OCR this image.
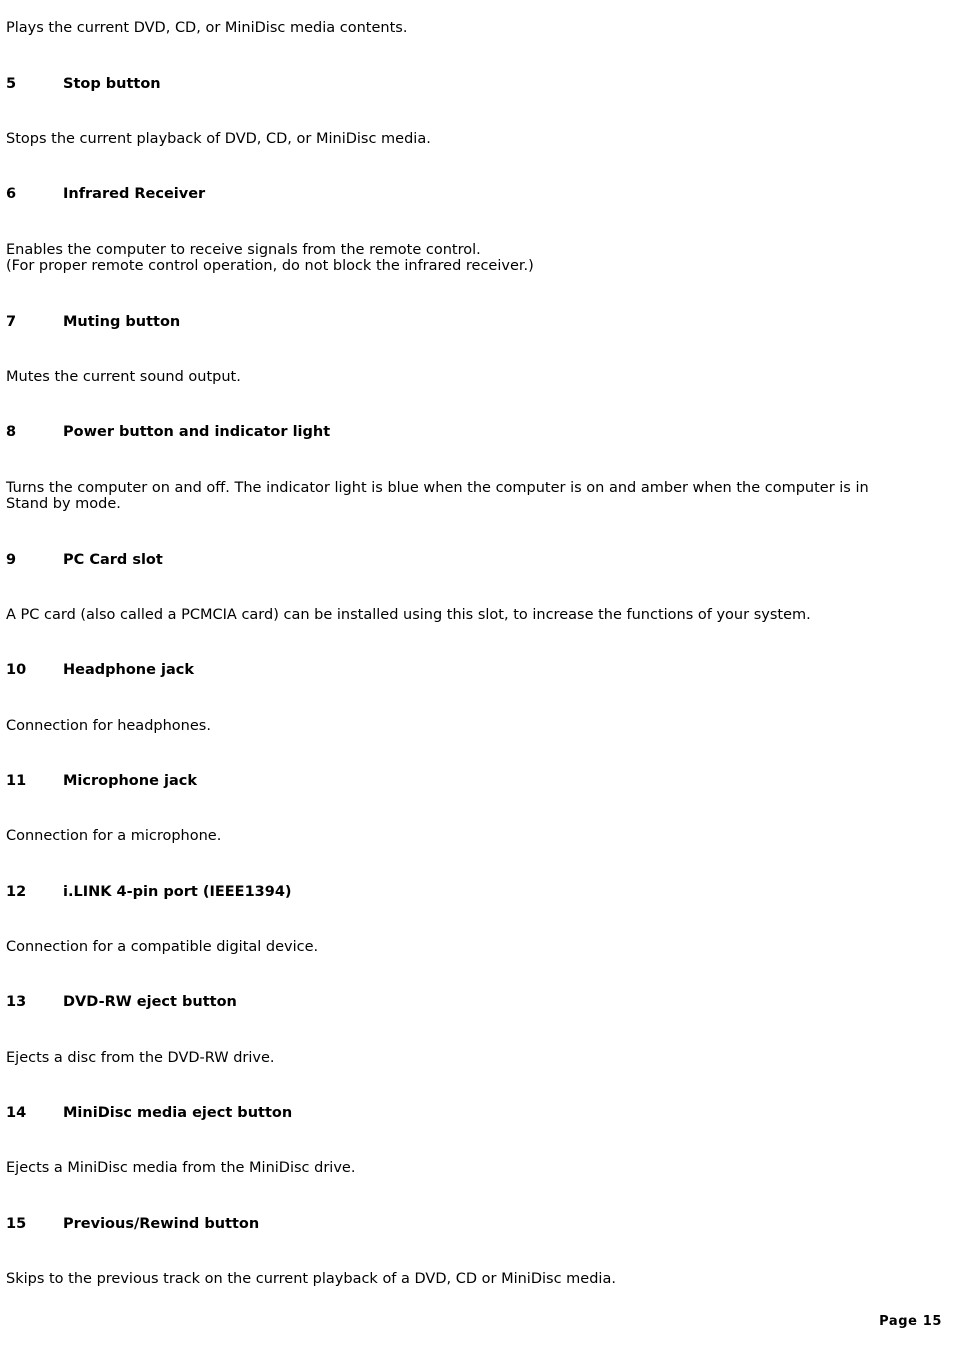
Plays the current DVD, CD, or MiniDisc media contents.
5	Stop button
Stops the current playback of DVD, CD, or MiniDisc media.
6	Infrared Receiver
Enables the computer to receive signals from the remote control.
(For proper remote control operation, do not block the infrared receiver.)
7	Muting button
Mutes the current sound output.
8	Power button and indicator light
Turns the computer on and off. The indicator light is blue when the computer is on and amber when the computer is in
Stand by mode.
9	PC Card slot
A PC card (also called a PCMCIA card) can be installed using this slot, to increase the functions of your system.
10	Headphone jack
Connection for headphones.
11	Microphone jack
Connection for a microphone.
12	i.LINK 4-pin port (IEEE1394)
Connection for a compatible digital device.
13	DVD-RW eject button
Ejects a disc from the DVD-RW drive.
14	MiniDisc media eject button
Ejects a MiniDisc media from the MiniDisc drive.
15	Previous/Rewind button
Skips to the previous track on the current playback of a DVD, CD or MiniDisc media.
Page 15
